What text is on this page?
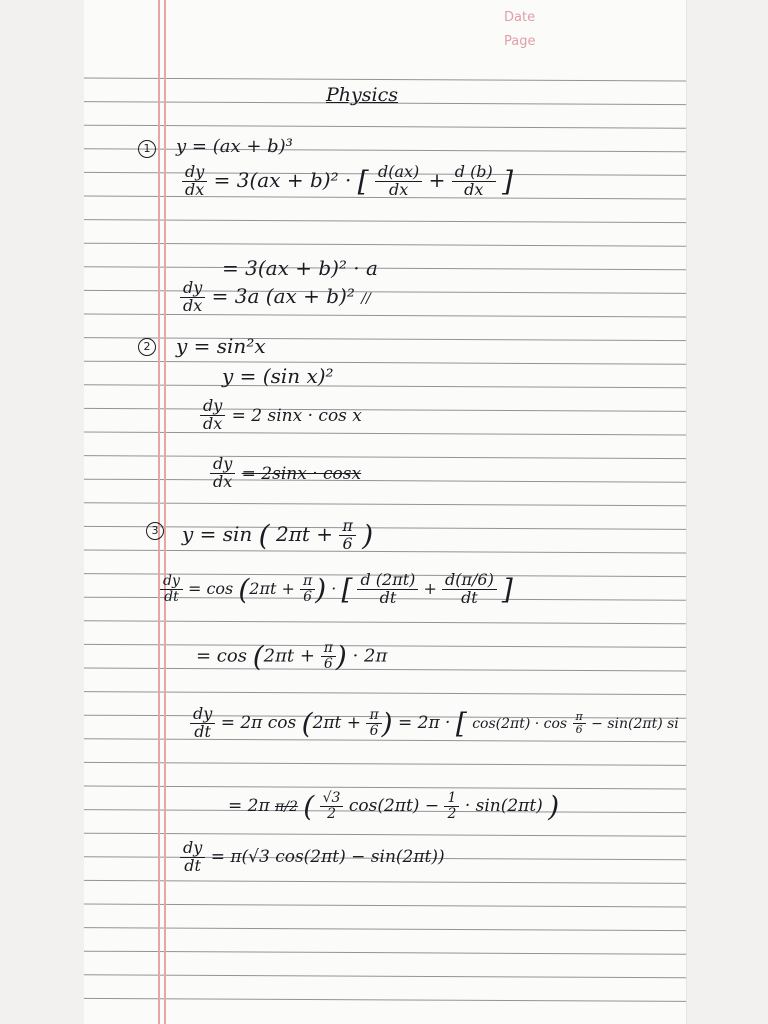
Date
Page
Physics
1	y = (ax + b)³
$\frac{dy}{dx} = 3(ax + b)^2$ · [ $\frac{d(ax)}{dx} + \frac{d (b)}{dx}$ ]
= 3(ax + b)² · a
$\frac{dy}{dx} = 3a$ (ax + b)² //
2 y = sin²x
y = (sin x)²
$\frac{dy}{dx} = 2$ sinx · cos x
$\frac{dy}{dx} = 2\sin x \cdot \cos x$
3 y = sin ( $2\pi t + \frac{\pi}{6}$ )
$\frac{dy}{dt} = \cos (2\pi t + \frac{\pi}{6}$ ) · [ $\frac{d (2\pi t)}{dt} + \frac{d(\pi/6)}{dt}$ ]
= $\cos (2\pi t + \frac{\pi}{6}$ ) · 2π
$\frac{dy}{dt} = 2\pi$ $\cos (2\pi t + \frac{\pi}{6}$ ) = 2π · [ $\cos(2\pi t) \cdot \cos \frac{\pi}{6} - \sin(2\pi t)$ si
= 2π π/2 ( $\frac{√3}{2} \cos(2\pi t) - \frac{1}{2} \cdot \sin(2\pi t)$ )
$\frac{dy}{dt} = \pi(√3$ cos(2πt) − sin(2πt))
